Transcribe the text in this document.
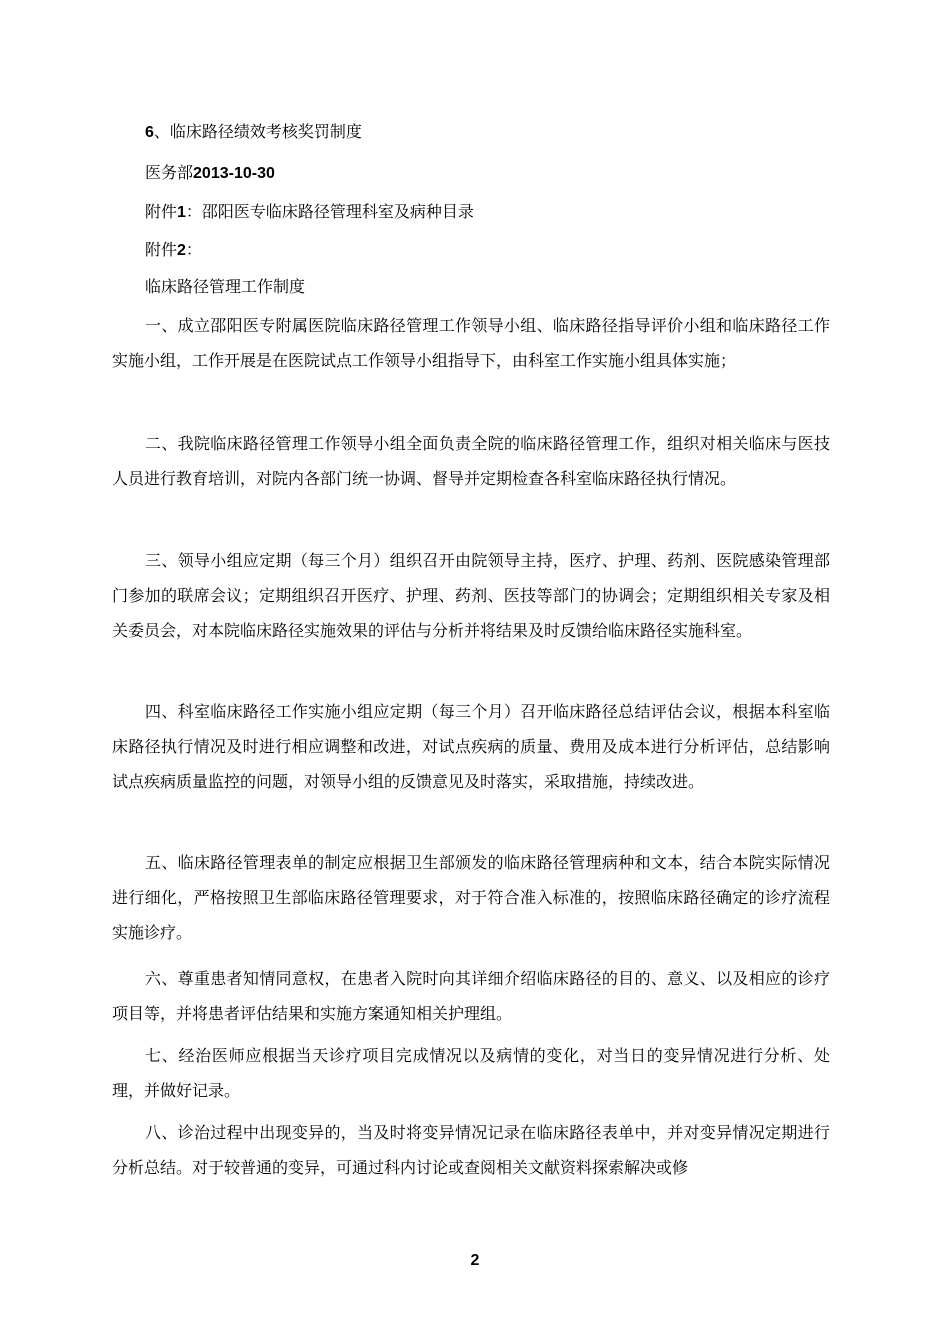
6、临床路径绩效考核奖罚制度
医务部2013-10-30
附件1：邵阳医专临床路径管理科室及病种目录
附件2：
临床路径管理工作制度
一、成立邵阳医专附属医院临床路径管理工作领导小组、临床路径指导评价小组和临床路径工作实施小组，工作开展是在医院试点工作领导小组指导下，由科室工作实施小组具体实施；
二、我院临床路径管理工作领导小组全面负责全院的临床路径管理工作，组织对相关临床与医技人员进行教育培训，对院内各部门统一协调、督导并定期检查各科室临床路径执行情况。
三、领导小组应定期（每三个月）组织召开由院领导主持，医疗、护理、药剂、医院感染管理部门参加的联席会议；定期组织召开医疗、护理、药剂、医技等部门的协调会；定期组织相关专家及相关委员会，对本院临床路径实施效果的评估与分析并将结果及时反馈给临床路径实施科室。
四、科室临床路径工作实施小组应定期（每三个月）召开临床路径总结评估会议，根据本科室临床路径执行情况及时进行相应调整和改进，对试点疾病的质量、费用及成本进行分析评估，总结影响试点疾病质量监控的问题，对领导小组的反馈意见及时落实，采取措施，持续改进。
五、临床路径管理表单的制定应根据卫生部颁发的临床路径管理病种和文本，结合本院实际情况进行细化，严格按照卫生部临床路径管理要求，对于符合准入标准的，按照临床路径确定的诊疗流程实施诊疗。
六、尊重患者知情同意权，在患者入院时向其详细介绍临床路径的目的、意义、以及相应的诊疗项目等，并将患者评估结果和实施方案通知相关护理组。
七、经治医师应根据当天诊疗项目完成情况以及病情的变化，对当日的变异情况进行分析、处理，并做好记录。
八、诊治过程中出现变异的，当及时将变异情况记录在临床路径表单中，并对变异情况定期进行分析总结。对于较普通的变异，可通过科内讨论或查阅相关文献资料探索解决或修
2
